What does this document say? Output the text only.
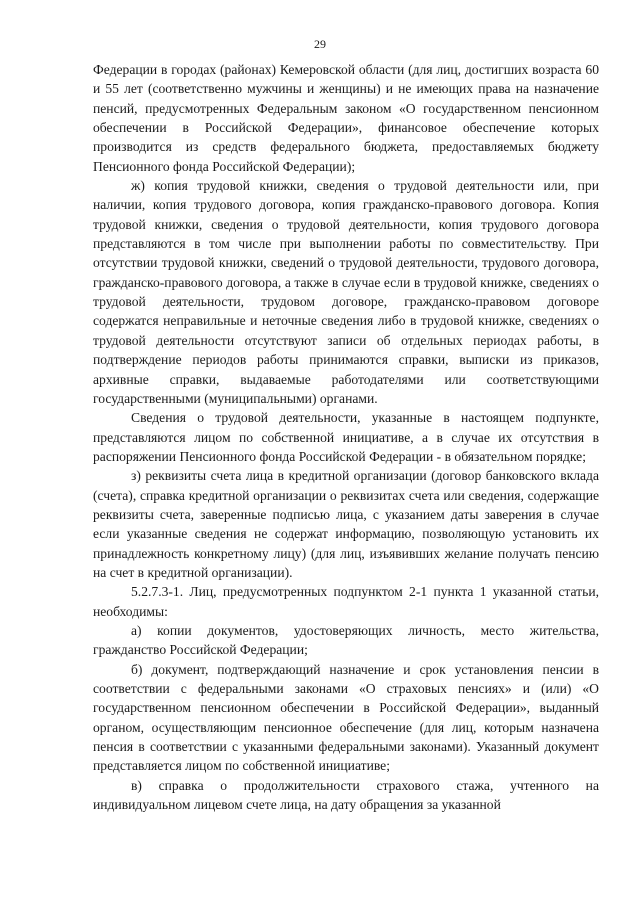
29

Федерации в городах (районах) Кемеровской области (для лиц, достигших возраста 60 и 55 лет (соответственно мужчины и женщины) и не имеющих права на назначение пенсий, предусмотренных Федеральным законом «О государственном пенсионном обеспечении в Российской Федерации», финансовое обеспечение которых производится из средств федерального бюджета, предоставляемых бюджету Пенсионного фонда Российской Федерации);

ж) копия трудовой книжки, сведения о трудовой деятельности или, при наличии, копия трудового договора, копия гражданско-правового договора. Копия трудовой книжки, сведения о трудовой деятельности, копия трудового договора представляются в том числе при выполнении работы по совместительству. При отсутствии трудовой книжки, сведений о трудовой деятельности, трудового договора, гражданско-правового договора, а также в случае если в трудовой книжке, сведениях о трудовой деятельности, трудовом договоре, гражданско-правовом договоре содержатся неправильные и неточные сведения либо в трудовой книжке, сведениях о трудовой деятельности отсутствуют записи об отдельных периодах работы, в подтверждение периодов работы принимаются справки, выписки из приказов, архивные справки, выдаваемые работодателями или соответствующими государственными (муниципальными) органами.

Сведения о трудовой деятельности, указанные в настоящем подпункте, представляются лицом по собственной инициативе, а в случае их отсутствия в распоряжении Пенсионного фонда Российской Федерации - в обязательном порядке;

з) реквизиты счета лица в кредитной организации (договор банковского вклада (счета), справка кредитной организации о реквизитах счета или сведения, содержащие реквизиты счета, заверенные подписью лица, с указанием даты заверения в случае если указанные сведения не содержат информацию, позволяющую установить их принадлежность конкретному лицу) (для лиц, изъявивших желание получать пенсию на счет в кредитной организации).

5.2.7.3-1. Лиц, предусмотренных подпунктом 2-1 пункта 1 указанной статьи, необходимы:

а) копии документов, удостоверяющих личность, место жительства, гражданство Российской Федерации;

б) документ, подтверждающий назначение и срок установления пенсии в соответствии с федеральными законами «О страховых пенсиях» и (или) «О государственном пенсионном обеспечении в Российской Федерации», выданный органом, осуществляющим пенсионное обеспечение (для лиц, которым назначена пенсия в соответствии с указанными федеральными законами). Указанный документ представляется лицом по собственной инициативе;

в) справка о продолжительности страхового стажа, учтенного на индивидуальном лицевом счете лица, на дату обращения за указанной
